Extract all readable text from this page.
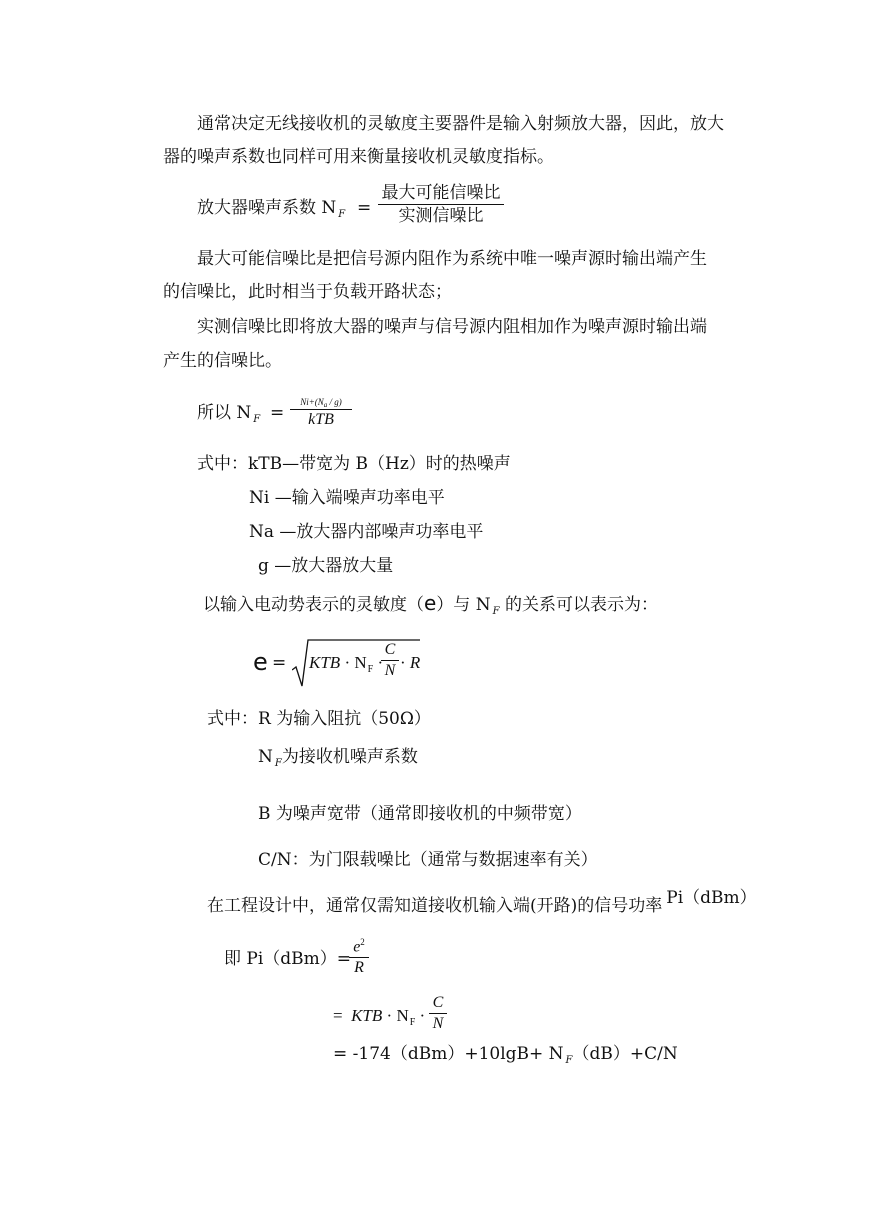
通常决定无线接收机的灵敏度主要器件是输入射频放大器，因此，放大
器的噪声系数也同样可用来衡量接收机灵敏度指标。
放大器噪声系数 N $_F$ =
最大可能信噪比
实测信噪比
最大可能信噪比是把信号源内阻作为系统中唯一噪声源时输出端产生
的信噪比，此时相当于负载开路状态；
实测信噪比即将放大器的噪声与信号源内阻相加作为噪声源时输出端
产生的信噪比。
所以 N $_F$ =
$Ni+(N_a / g)$
kTB
式中：kTB—带宽为 B（Hz）时的热噪声
Ni —输入端噪声功率电平
Na —放大器内部噪声功率电平
g —放大器放大量
以输入电动势表示的灵敏度（e）与 N $_F$ 的关系可以表示为：
e = KTB · $N_F$ ·
C
N · R
式中：R 为输入阻抗（50Ω）
N $_F$为接收机噪声系数
B 为噪声宽带（通常即接收机的中频带宽）
C/N：为门限载噪比（通常与数据速率有关）
在工程设计中，通常仅需知道接收机输入端(开路)的信号功率 Pi（dBm）
即 Pi（dBm）=
$e^2$
R
= KTB · $N_F$ ·
C
N
= -174（dBm）+10lgB+ N $_F$（dB）+C/N
